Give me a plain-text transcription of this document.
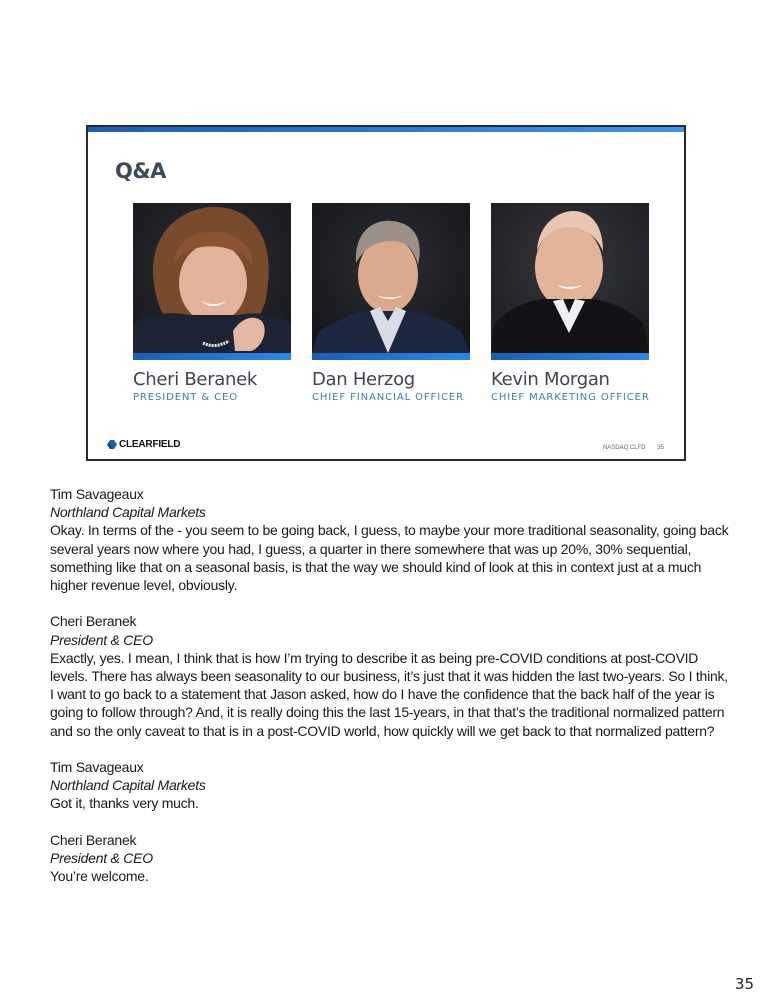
Q&A
Cheri Beranek
PRESIDENT & CEO
Dan Herzog
CHIEF FINANCIAL OFFICER
Kevin Morgan
CHIEF MARKETING OFFICER
CLEARFIELD	NASDAQ:CLFD 35
Tim Savageaux
Northland Capital Markets
Okay. In terms of the - you seem to be going back, I guess, to maybe your more traditional seasonality, going back several years now where you had, I guess, a quarter in there somewhere that was up 20%, 30% sequential, something like that on a seasonal basis, is that the way we should kind of look at this in context just at a much higher revenue level, obviously.
Cheri Beranek
President & CEO
Exactly, yes. I mean, I think that is how I’m trying to describe it as being pre-COVID conditions at post-COVID levels. There has always been seasonality to our business, it’s just that it was hidden the last two-years. So I think, I want to go back to a statement that Jason asked, how do I have the confidence that the back half of the year is going to follow through? And, it is really doing this the last 15-years, in that that’s the traditional normalized pattern and so the only caveat to that is in a post-COVID world, how quickly will we get back to that normalized pattern?
Tim Savageaux
Northland Capital Markets
Got it, thanks very much.
Cheri Beranek
President & CEO
You’re welcome.
35
